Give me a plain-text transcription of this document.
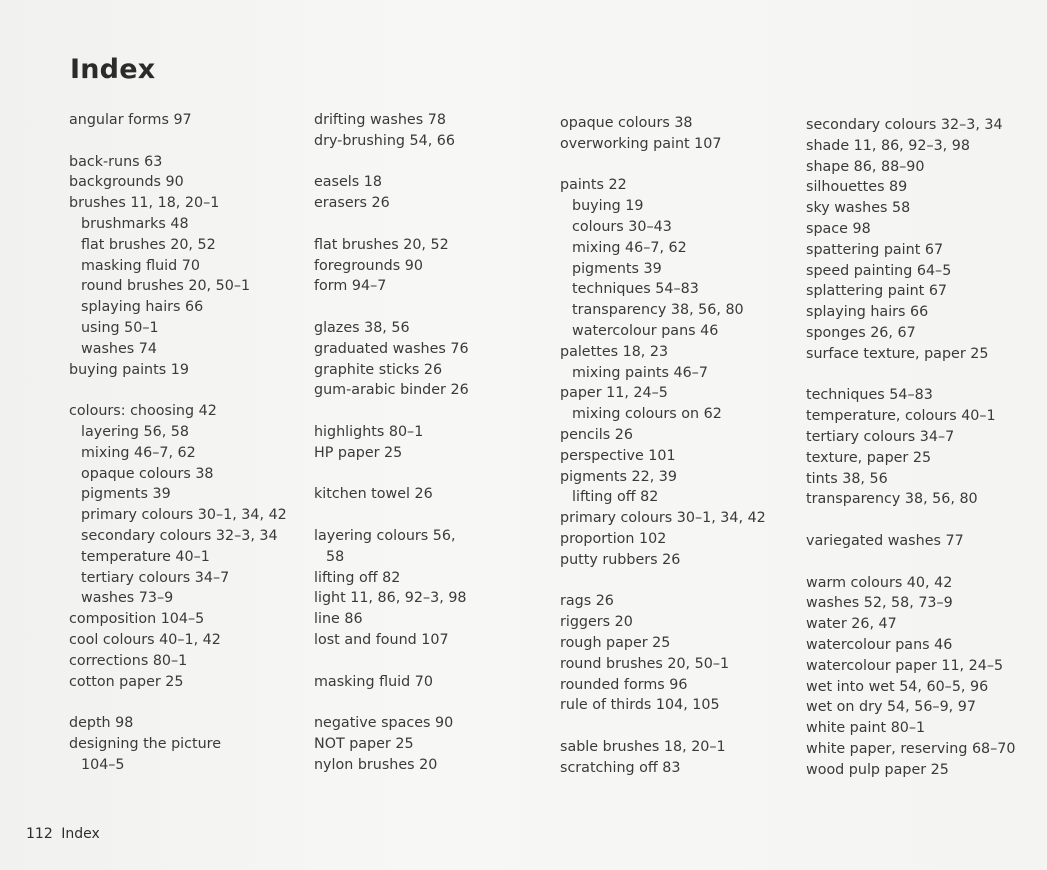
Index
angular forms 97
back-runs 63
backgrounds 90
brushes 11, 18, 20–1
brushmarks 48
flat brushes 20, 52
masking fluid 70
round brushes 20, 50–1
splaying hairs 66
using 50–1
washes 74
buying paints 19
colours: choosing 42
layering 56, 58
mixing 46–7, 62
opaque colours 38
pigments 39
primary colours 30–1, 34, 42
secondary colours 32–3, 34
temperature 40–1
tertiary colours 34–7
washes 73–9
composition 104–5
cool colours 40–1, 42
corrections 80–1
cotton paper 25
depth 98
designing the picture
104–5
drifting washes 78
dry-brushing 54, 66
easels 18
erasers 26
flat brushes 20, 52
foregrounds 90
form 94–7
glazes 38, 56
graduated washes 76
graphite sticks 26
gum-arabic binder 26
highlights 80–1
HP paper 25
kitchen towel 26
layering colours 56,
58
lifting off 82
light 11, 86, 92–3, 98
line 86
lost and found 107
masking fluid 70
negative spaces 90
NOT paper 25
nylon brushes 20
opaque colours 38
overworking paint 107
paints 22
buying 19
colours 30–43
mixing 46–7, 62
pigments 39
techniques 54–83
transparency 38, 56, 80
watercolour pans 46
palettes 18, 23
mixing paints 46–7
paper 11, 24–5
mixing colours on 62
pencils 26
perspective 101
pigments 22, 39
lifting off 82
primary colours 30–1, 34, 42
proportion 102
putty rubbers 26
rags 26
riggers 20
rough paper 25
round brushes 20, 50–1
rounded forms 96
rule of thirds 104, 105
sable brushes 18, 20–1
scratching off 83
secondary colours 32–3, 34
shade 11, 86, 92–3, 98
shape 86, 88–90
silhouettes 89
sky washes 58
space 98
spattering paint 67
speed painting 64–5
splattering paint 67
splaying hairs 66
sponges 26, 67
surface texture, paper 25
techniques 54–83
temperature, colours 40–1
tertiary colours 34–7
texture, paper 25
tints 38, 56
transparency 38, 56, 80
variegated washes 77
warm colours 40, 42
washes 52, 58, 73–9
water 26, 47
watercolour pans 46
watercolour paper 11, 24–5
wet into wet 54, 60–5, 96
wet on dry 54, 56–9, 97
white paint 80–1
white paper, reserving 68–70
wood pulp paper 25
112 Index
